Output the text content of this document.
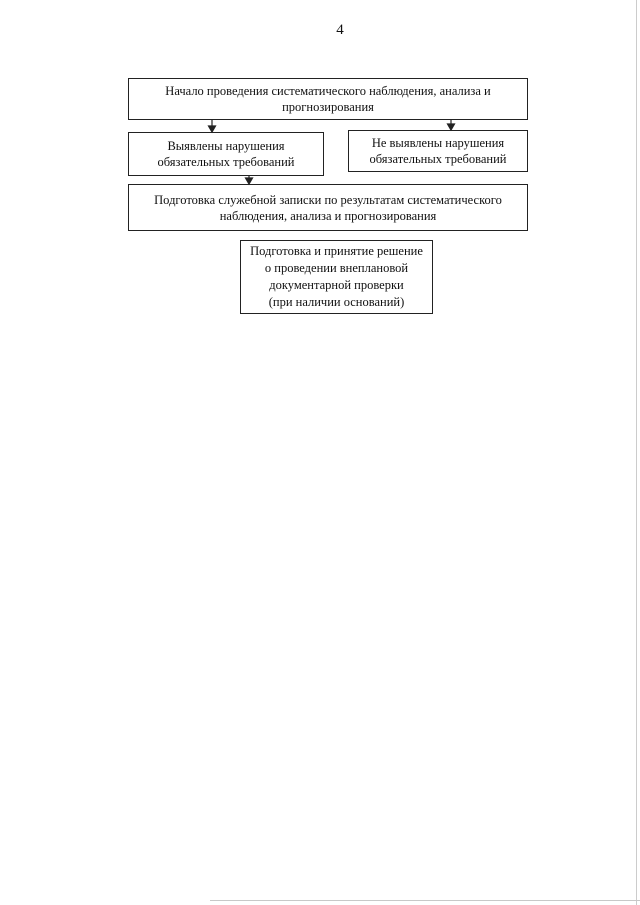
4
Начало проведения систематического наблюдения, анализа и
прогнозирования
Выявлены нарушения
обязательных требований
Не выявлены нарушения
обязательных требований
Подготовка служебной записки по результатам систематического
наблюдения, анализа и прогнозирования
Подготовка и принятие решение
о проведении внеплановой
документарной проверки
(при наличии оснований)
